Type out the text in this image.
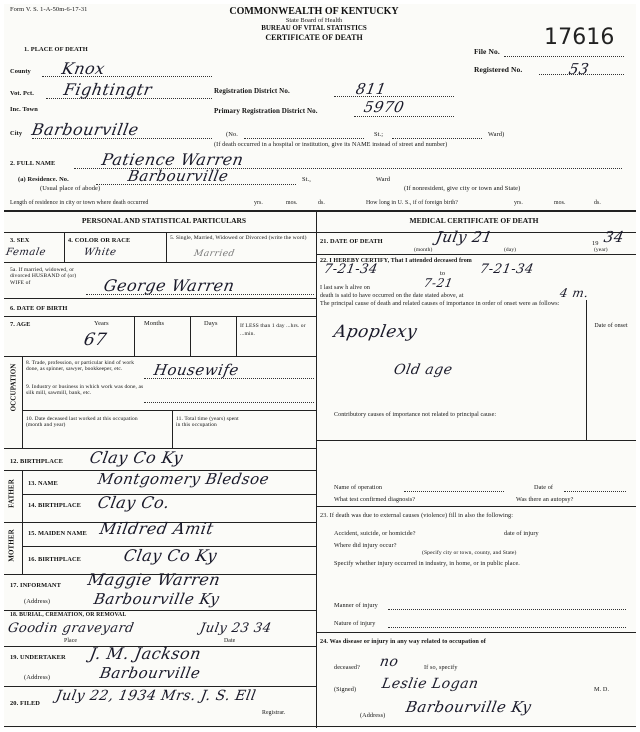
Form V. S. 1-A-50m-6-17-31	COMMONWEALTH OF KENTUCKY
State Board of Health
BUREAU OF VITAL STATISTICS
CERTIFICATE OF DEATH
File No.
17616
Registered No.	53
1. PLACE OF DEATH
County Knox
Vot. Pct. Fightingtr	Registration District No.	811
Inc. Town	Primary Registration District No.	5970
City Barbourville	(No.	St.;	Ward)
(If death occurred in a hospital or institution, give its NAME instead of street and number)
2. FULL NAME	Patience Warren
(a) Residence. No.	Barbourville	St.,	Ward
(Usual place of abode)	(If nonresident, give city or town and State)
Length of residence in city or town where death occurred	yrs.	mos.	ds.	How long in U. S., if of foreign birth?	yrs.	mos.	ds.
PERSONAL AND STATISTICAL PARTICULARS	MEDICAL CERTIFICATE OF DEATH
3. SEX
Female
4. COLOR OR RACE
White
5. Single, Married, Widowed or Divorced (write the word)
Married
5a. If married, widowed, or divorced HUSBAND of (or) WIFE of	George Warren
6. DATE OF BIRTH
7. AGE	Years	Months	Days
67
If LESS than 1 day ...hrs. or ...min.
OCCUPATION
8. Trade, profession, or particular kind of work done, as spinner, sawyer, bookkeeper, etc.	Housewife
9. Industry or business in which work was done, as silk mill, sawmill, bank, etc.
10. Date deceased last worked at this occupation (month and year)
11. Total time (years) spent in this occupation
12. BIRTHPLACE Clay Co Ky
FATHER
MOTHER
13. NAME	Montgomery Bledsoe
14. BIRTHPLACE Clay Co.
15. MAIDEN NAME Mildred Amit
16. BIRTHPLACE	Clay Co Ky
17. INFORMANT Maggie Warren
(Address)	Barbourville Ky
18. BURIAL, CREMATION, OR REMOVAL
Place	Date
Goodin graveyard	July 23 34
19. UNDERTAKER J. M. Jackson
(Address)	Barbourville
20. FILED July 22, 1934 Mrs. J. S. Ell
Registrar.
21. DATE OF DEATH	July 21	19 34
(month)	(day)	(year)
22. I HEREBY CERTIFY, That I attended deceased from
7-21-34	to	7-21-34
I last saw h alive on	7-21
death is said to have occurred on the date stated above, at	4 m.
The principal cause of death and related causes of importance in order of onset were as follows:
Date of onset
Apoplexy
Old age
Contributory causes of importance not related to principal cause:
Name of operation	Date of
What test confirmed diagnosis?	Was there an autopsy?
23. If death was due to external causes (violence) fill in also the following:
Accident, suicide, or homicide?	date of injury
Where did injury occur?
(Specify city or town, county, and State)
Specify whether injury occurred in industry, in home, or in public place.
Manner of injury
Nature of injury
24. Was disease or injury in any way related to occupation of
deceased? no	If so, specify
(Signed) Leslie Logan	M. D.
(Address) Barbourville Ky
